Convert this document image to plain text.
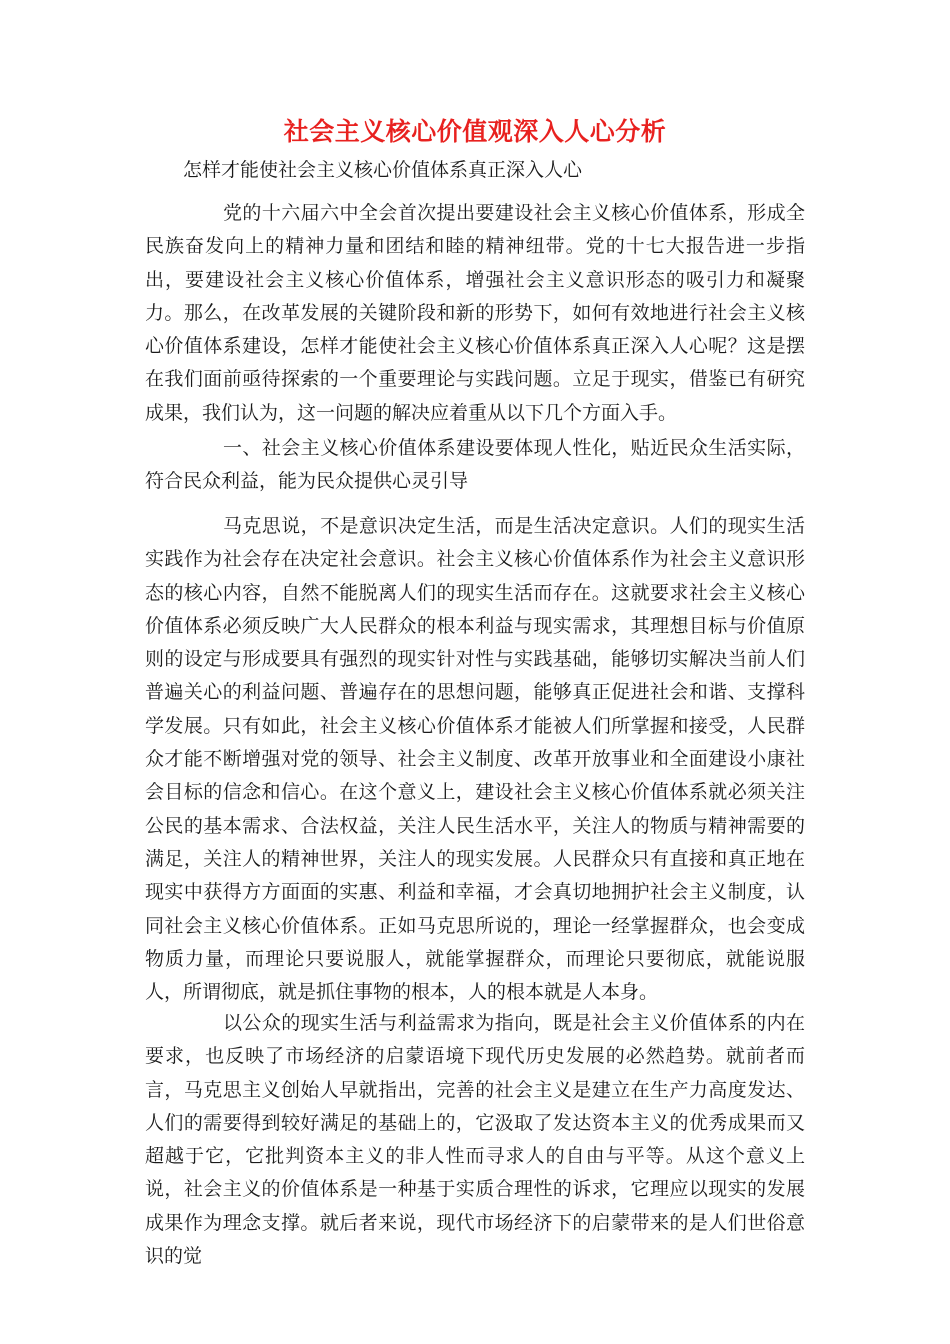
社会主义核心价值观深入人心分析
怎样才能使社会主义核心价值体系真正深入人心

党的十六届六中全会首次提出要建设社会主义核心价值体系，形成全民族奋发向上的精神力量和团结和睦的精神纽带。党的十七大报告进一步指出，要建设社会主义核心价值体系，增强社会主义意识形态的吸引力和凝聚力。那么，在改革发展的关键阶段和新的形势下，如何有效地进行社会主义核心价值体系建设，怎样才能使社会主义核心价值体系真正深入人心呢？这是摆在我们面前亟待探索的一个重要理论与实践问题。立足于现实，借鉴已有研究成果，我们认为，这一问题的解决应着重从以下几个方面入手。

一、社会主义核心价值体系建设要体现人性化，贴近民众生活实际，符合民众利益，能为民众提供心灵引导

马克思说，不是意识决定生活，而是生活决定意识。人们的现实生活实践作为社会存在决定社会意识。社会主义核心价值体系作为社会主义意识形态的核心内容，自然不能脱离人们的现实生活而存在。这就要求社会主义核心价值体系必须反映广大人民群众的根本利益与现实需求，其理想目标与价值原则的设定与形成要具有强烈的现实针对性与实践基础，能够切实解决当前人们普遍关心的利益问题、普遍存在的思想问题，能够真正促进社会和谐、支撑科学发展。只有如此，社会主义核心价值体系才能被人们所掌握和接受，人民群众才能不断增强对党的领导、社会主义制度、改革开放事业和全面建设小康社会目标的信念和信心。在这个意义上，建设社会主义核心价值体系就必须关注公民的基本需求、合法权益，关注人民生活水平，关注人的物质与精神需要的满足，关注人的精神世界，关注人的现实发展。人民群众只有直接和真正地在现实中获得方方面面的实惠、利益和幸福，才会真切地拥护社会主义制度，认同社会主义核心价值体系。正如马克思所说的，理论一经掌握群众，也会变成物质力量，而理论只要说服人，就能掌握群众，而理论只要彻底，就能说服人，所谓彻底，就是抓住事物的根本，人的根本就是人本身。

以公众的现实生活与利益需求为指向，既是社会主义价值体系的内在要求，也反映了市场经济的启蒙语境下现代历史发展的必然趋势。就前者而言，马克思主义创始人早就指出，完善的社会主义是建立在生产力高度发达、人们的需要得到较好满足的基础上的，它汲取了发达资本主义的优秀成果而又超越于它，它批判资本主义的非人性而寻求人的自由与平等。从这个意义上说，社会主义的价值体系是一种基于实质合理性的诉求，它理应以现实的发展成果作为理念支撑。就后者来说，现代市场经济下的启蒙带来的是人们世俗意识的觉
